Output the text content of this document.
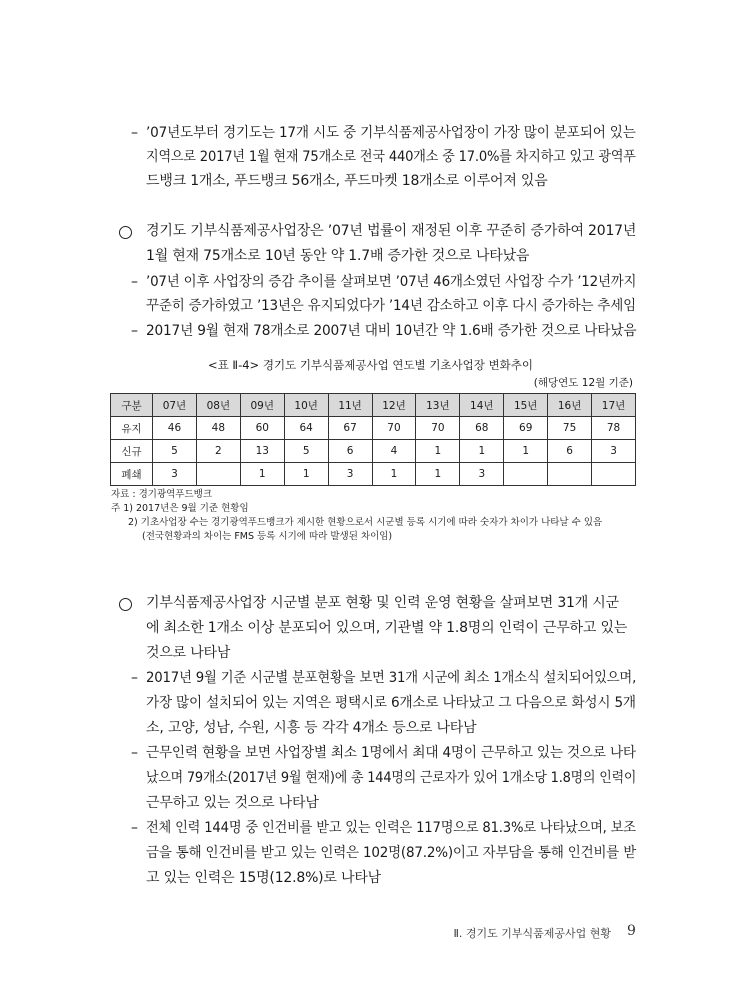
– ’07년도부터 경기도는 17개 시도 중 기부식품제공사업장이 가장 많이 분포되어 있는
지역으로 2017년 1월 현재 75개소로 전국 440개소 중 17.0%를 차지하고 있고 광역푸
드뱅크 1개소, 푸드뱅크 56개소, 푸드마켓 18개소로 이루어져 있음
경기도 기부식품제공사업장은 ’07년 법률이 재정된 이후 꾸준히 증가하여 2017년
1월 현재 75개소로 10년 동안 약 1.7배 증가한 것으로 나타났음
– ’07년 이후 사업장의 증감 추이를 살펴보면 ’07년 46개소였던 사업장 수가 ’12년까지
꾸준히 증가하였고 ’13년은 유지되었다가 ’14년 감소하고 이후 다시 증가하는 추세임
– 2017년 9월 현재 78개소로 2007년 대비 10년간 약 1.6배 증가한 것으로 나타났음
<표 Ⅱ-4> 경기도 기부식품제공사업 연도별 기초사업장 변화추이
(해당연도 12월 기준)
구분	07년	08년	09년	10년	11년	12년	13년	14년	15년	16년	17년
유지	46	48	60	64	67	70	70	68	69	75	78
신규	5	2	13	5	6	4	1	1	1	6	3
폐쇄	3		1	1	3	1	1	3			
자료 : 경기광역푸드뱅크
주 1) 2017년은 9월 기준 현황임
2) 기초사업장 수는 경기광역푸드뱅크가 제시한 현황으로서 시군별 등록 시기에 따라 숫자가 차이가 나타날 수 있음
(전국현황과의 차이는 FMS 등록 시기에 따라 발생된 차이임)
기부식품제공사업장 시군별 분포 현황 및 인력 운영 현황을 살펴보면 31개 시군
에 최소한 1개소 이상 분포되어 있으며, 기관별 약 1.8명의 인력이 근무하고 있는
것으로 나타남
– 2017년 9월 기준 시군별 분포현황을 보면 31개 시군에 최소 1개소식 설치되어있으며,
가장 많이 설치되어 있는 지역은 평택시로 6개소로 나타났고 그 다음으로 화성시 5개
소, 고양, 성남, 수원, 시흥 등 각각 4개소 등으로 나타남
– 근무인력 현황을 보면 사업장별 최소 1명에서 최대 4명이 근무하고 있는 것으로 나타
났으며 79개소(2017년 9월 현재)에 총 144명의 근로자가 있어 1개소당 1.8명의 인력이
근무하고 있는 것으로 나타남
– 전체 인력 144명 중 인건비를 받고 있는 인력은 117명으로 81.3%로 나타났으며, 보조
금을 통해 인건비를 받고 있는 인력은 102명(87.2%)이고 자부담을 통해 인건비를 받
고 있는 인력은 15명(12.8%)로 나타남
Ⅱ. 경기도 기부식품제공사업 현황 9
